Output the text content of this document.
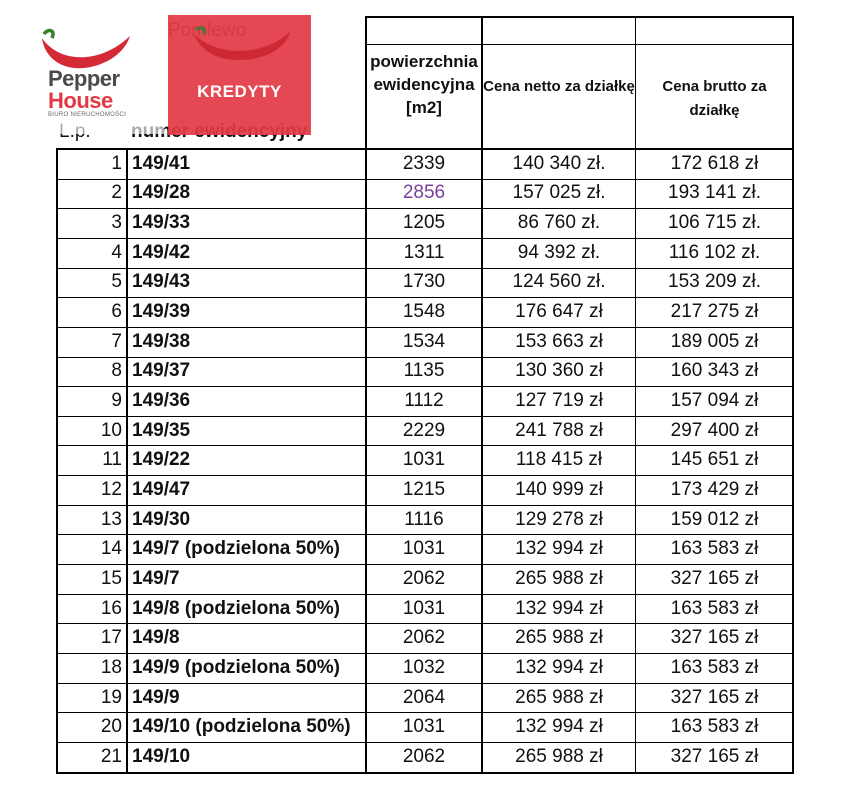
powierzchnia ewidencyjna [m2]
Cena netto za działkę	Cena brutto za działkę
KREDYTY
Pepper
House
BIURO NIERUCHOMOŚCI
1 149/41	2339	140 340 zł.	172 618 zł
2 149/28	2856	157 025 zł.	193 141 zł.
3 149/33	1205	86 760 zł.	106 715 zł.
4 149/42	1311	94 392 zł.	116 102 zł.
5 149/43	1730	124 560 zł.	153 209 zł.
6 149/39	1548	176 647 zł	217 275 zł
7 149/38	1534	153 663 zł	189 005 zł
8 149/37	1135	130 360 zł	160 343 zł
9 149/36	1112	127 719 zł	157 094 zł
10 149/35	2229	241 788 zł	297 400 zł
11 149/22	1031	118 415 zł	145 651 zł
12 149/47	1215	140 999 zł	173 429 zł
13 149/30	1116	129 278 zł	159 012 zł
14 149/7 (podzielona 50%)	1031	132 994 zł	163 583 zł
15 149/7	2062	265 988 zł	327 165 zł
16 149/8 (podzielona 50%)	1031	132 994 zł	163 583 zł
17 149/8	2062	265 988 zł	327 165 zł
18 149/9 (podzielona 50%)	1032	132 994 zł	163 583 zł
19 149/9	2064	265 988 zł	327 165 zł
20 149/10 (podzielona 50%)	1031	132 994 zł	163 583 zł
21 149/10	2062	265 988 zł	327 165 zł
